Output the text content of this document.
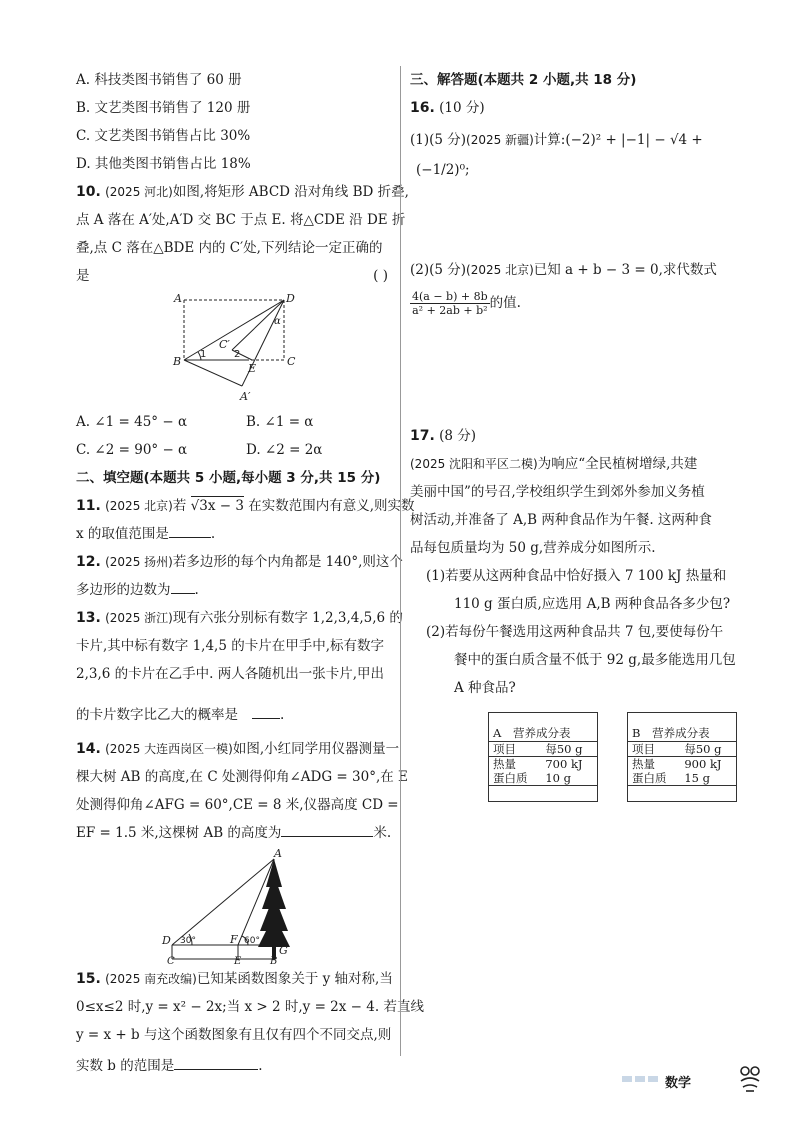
A. 科技类图书销售了 60 册

B. 文艺类图书销售了 120 册

C. 文艺类图书销售占比 30%

D. 其他类图书销售占比 18%

10. (2025 河北)如图,将矩形 ABCD 沿对角线 BD 折叠,

点 A 落在 A′处,A′D 交 BC 于点 E. 将△CDE 沿 DE 折

叠,点 C 落在△BDE 内的 C′处,下列结论一定正确的

是	( )

A	D
B	C
E
C′
A′
α
1	2

A. ∠1 = 45° − α	B. ∠1 = α

C. ∠2 = 90° − α	D. ∠2 = 2α

二、填空题(本题共 5 小题,每小题 3 分,共 15 分)

11. (2025 北京)若 √3x − 3 在实数范围内有意义,则实数

x 的取值范围是	.

12. (2025 扬州)若多边形的每个内角都是 140°,则这个

多边形的边数为 .

13. (2025 浙江)现有六张分别标有数字 1,2,3,4,5,6 的

卡片,其中标有数字 1,4,5 的卡片在甲手中,标有数字

2,3,6 的卡片在乙手中. 两人各随机出一张卡片,甲出

的卡片数字比乙大的概率是	.

14. (2025 大连西岗区一模)如图,小红同学用仪器测量一

棵大树 AB 的高度,在 C 处测得仰角∠ADG = 30°,在 E

处测得仰角∠AFG = 60°,CE = 8 米,仪器高度 CD =

EF = 1.5 米,这棵树 AB 的高度为	米.

A
D	F
G
C	E	B
30°	60°

15. (2025 南充改编)已知某函数图象关于 y 轴对称,当

0≤x≤2 时,y = x² − 2x;当 x > 2 时,y = 2x − 4. 若直线

y = x + b 与这个函数图象有且仅有四个不同交点,则

实数 b 的范围是	.

三、解答题(本题共 2 小题,共 18 分)

16. (10 分)

(1)(5 分)(2025 新疆)计算:(−2)² + |−1| − √4 +

(−1/2)⁰;

(2)(5 分)(2025 北京)已知 a + b − 3 = 0,求代数式

$\frac{4(a - b) + 8b}{\text{a² + 2ab + b²}}$ 的值.

17. (8 分)

(2025 沈阳和平区二模)为响应“全民植树增绿,共建

美丽中国”的号召,学校组织学生到郊外参加义务植

树活动,并准备了 A,B 两种食品作为午餐. 这两种食

品每包质量均为 50 g,营养成分如图所示.

(1)若要从这两种食品中恰好摄入 7 100 kJ 热量和

110 g 蛋白质,应选用 A,B 两种食品各多少包?

(2)若每份午餐选用这两种食品共 7 包,要使每份午

餐中的蛋白质含量不低于 92 g,最多能选用几包

A 种食品?

A 营养成分表
项目	每50 g
热量	700 kJ
蛋白质	10 g
B 营养成分表
项目	每50 g
热量	900 kJ
蛋白质	15 g
数学
